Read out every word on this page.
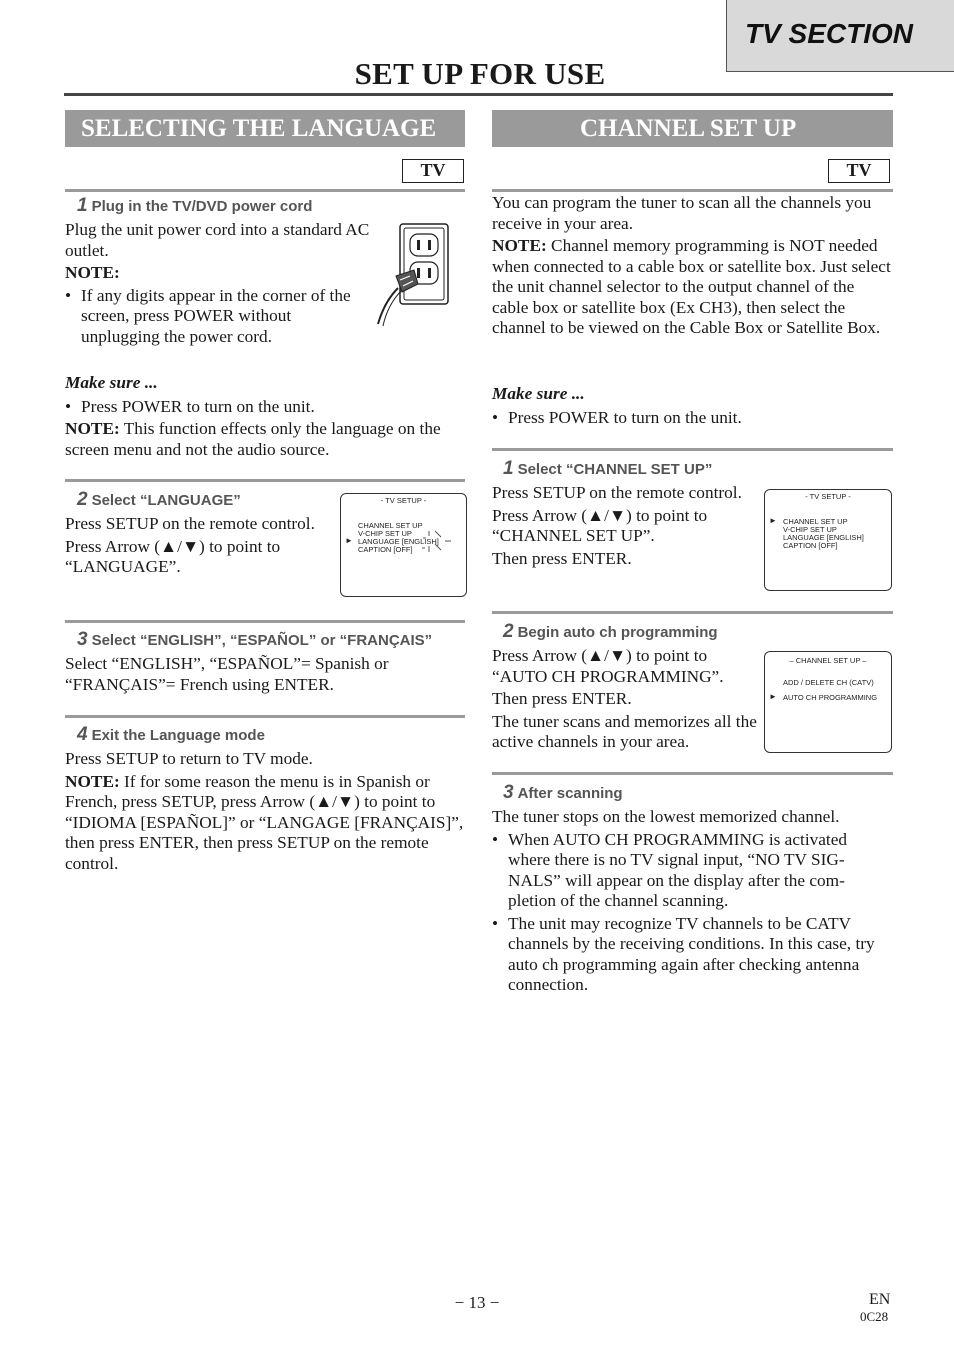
TV SECTION
SET UP FOR USE
SELECTING THE LANGUAGE
TV
1 Plug in the TV/DVD power cord

Plug the unit power cord into a standard AC outlet.

NOTE:

• If any digits appear in the corner of the screen, press POWER without unplugging the power cord.

Make sure ...

• Press POWER to turn on the unit.

NOTE: This function effects only the language on the screen menu and not the audio source.

2 Select “LANGUAGE”

Press SETUP on the remote control.

Press Arrow (▲/▼) to point to “LANGUAGE”.

- TV SETUP -
CHANNEL SET UP
V-CHIP SET UP
► LANGUAGE [ENGLISH]
CAPTION [OFF]
3 Select “ENGLISH”, “ESPAÑOL” or “FRANÇAIS”

Select “ENGLISH”, “ESPAÑOL”= Spanish or “FRANÇAIS”= French using ENTER.

4 Exit the Language mode

Press SETUP to return to TV mode.

NOTE: If for some reason the menu is in Spanish or French, press SETUP, press Arrow (▲/▼) to point to “IDIOMA [ESPAÑOL]” or “LANGAGE [FRANÇAIS]”, then press ENTER, then press SETUP on the remote control.

CHANNEL SET UP
TV

You can program the tuner to scan all the channels you receive in your area.

NOTE: Channel memory programming is NOT needed when connected to a cable box or satellite box. Just select the unit channel selector to the output channel of the cable box or satellite box (Ex CH3), then select the channel to be viewed on the Cable Box or Satellite Box.

Make sure ...

• Press POWER to turn on the unit.

1 Select “CHANNEL SET UP”

Press SETUP on the remote control.

Press Arrow (▲/▼) to point to “CHANNEL SET UP”.

Then press ENTER.

- TV SETUP -
► CHANNEL SET UP
V-CHIP SET UP
LANGUAGE [ENGLISH]
CAPTION [OFF]
2 Begin auto ch programming

Press Arrow (▲/▼) to point to “AUTO CH PROGRAMMING”.

Then press ENTER.

The tuner scans and memorizes all the active channels in your area.

– CHANNEL SET UP –
ADD / DELETE CH (CATV)
► AUTO CH PROGRAMMING
3 After scanning

The tuner stops on the lowest memorized channel.

• When AUTO CH PROGRAMMING is activated where there is no TV signal input, “NO TV SIG-NALS” will appear on the display after the com-pletion of the channel scanning.

• The unit may recognize TV channels to be CATV channels by the receiving conditions. In this case, try auto ch programming again after checking antenna connection.

− 13 −	EN
0C28
